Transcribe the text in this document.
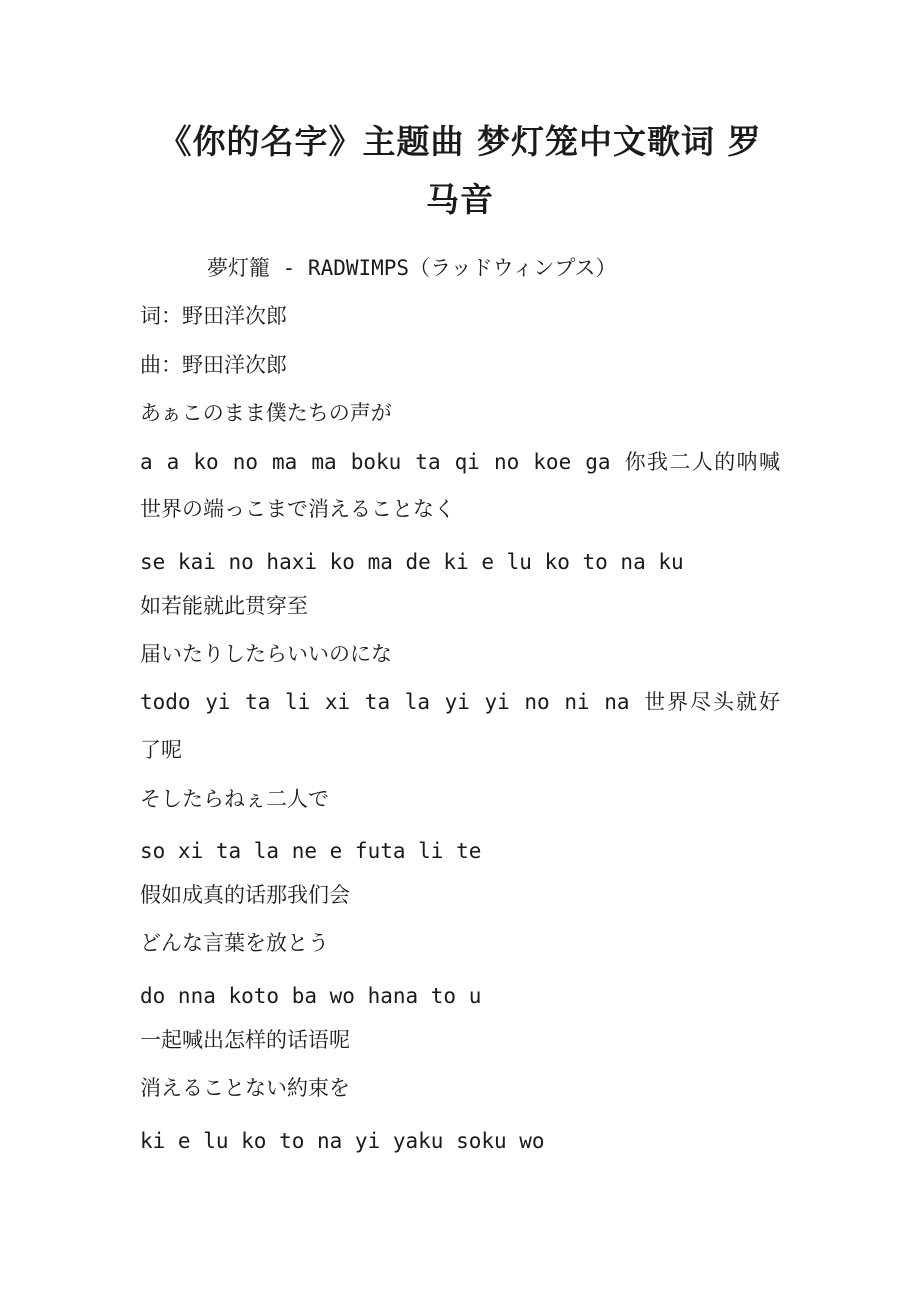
《你的名字》主题曲 梦灯笼中文歌词 罗
马音
夢灯籠 - RADWIMPS（ラッドウィンプス）
词：野田洋次郎
曲：野田洋次郎
あぁこのまま僕たちの声が
a a ko no ma ma boku ta qi no koe ga 你我二人的呐喊
世界の端っこまで消えることなく
se kai no haxi ko ma de ki e lu ko to na ku
如若能就此贯穿至
届いたりしたらいいのにな
todo yi ta li xi ta la yi yi no ni na 世界尽头就好
了呢
そしたらねぇ二人で
so xi ta la ne e futa li te
假如成真的话那我们会
どんな言葉を放とう
do nna koto ba wo hana to u
一起喊出怎样的话语呢
消えることない約束を
ki e lu ko to na yi yaku soku wo
